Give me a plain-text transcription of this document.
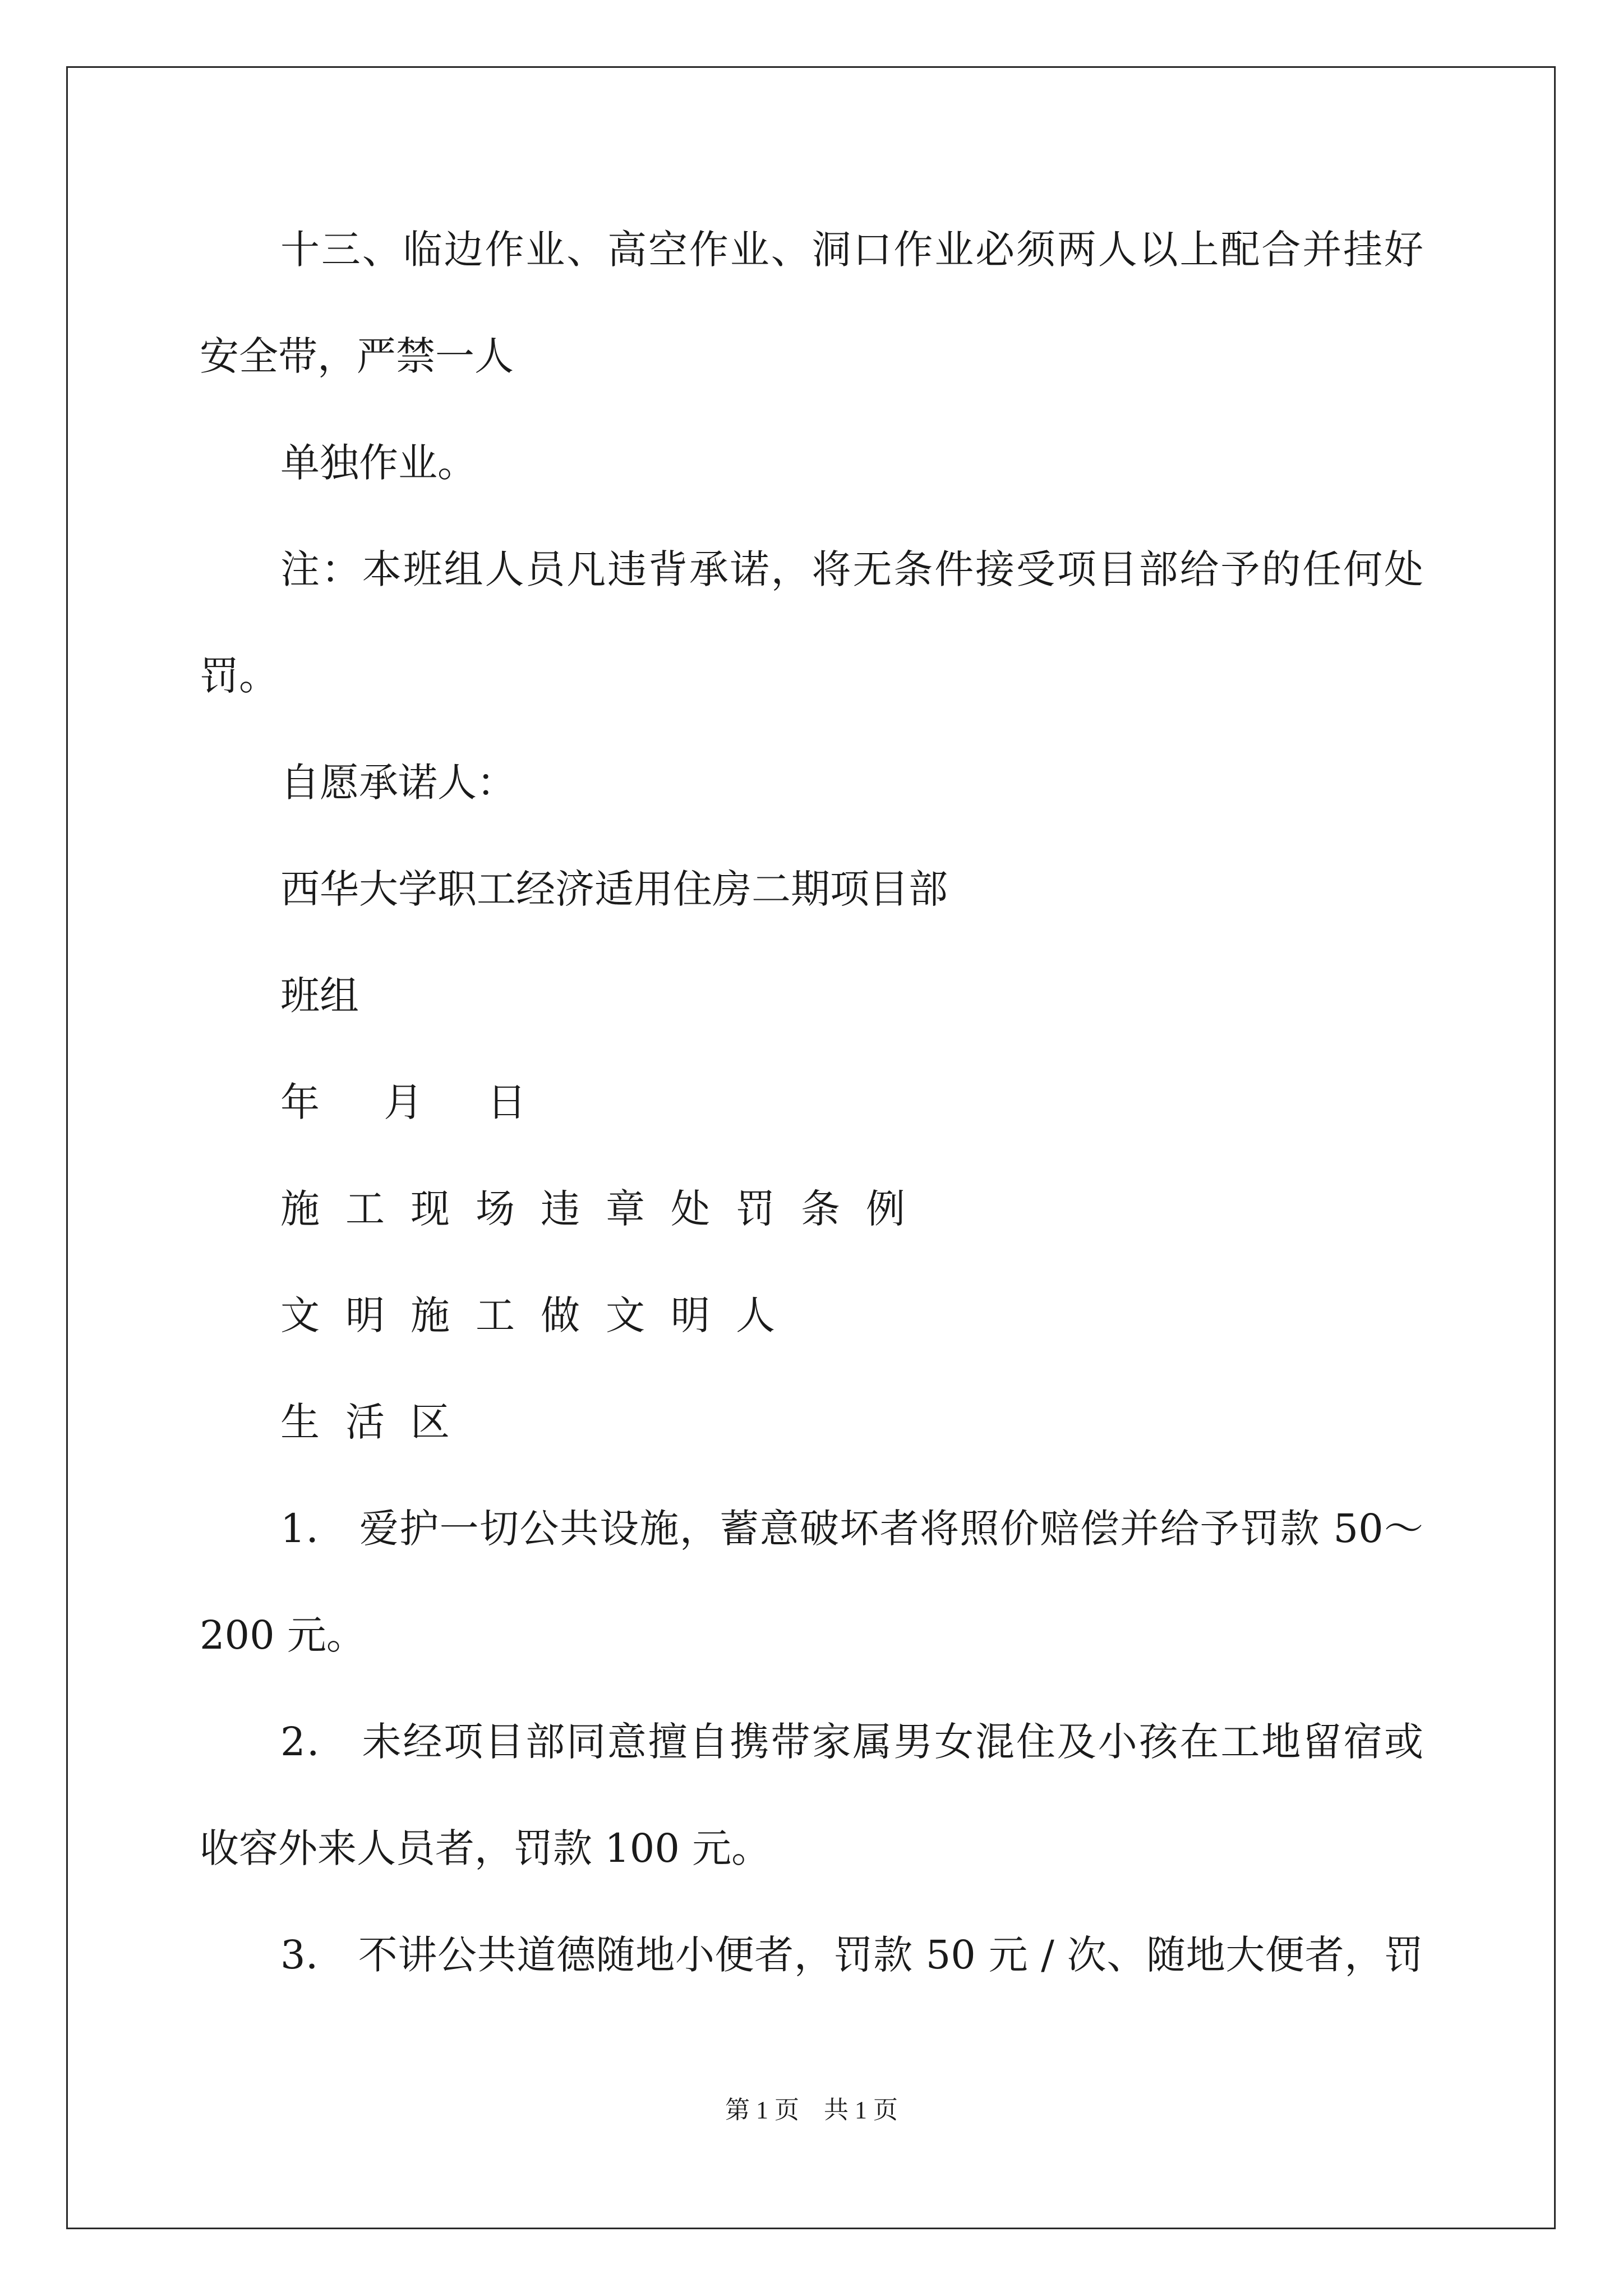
十三、临边作业、高空作业、洞口作业必须两人以上配合并挂好

安全带，严禁一人

单独作业。

注：本班组人员凡违背承诺，将无条件接受项目部给予的任何处

罚。

自愿承诺人：

西华大学职工经济适用住房二期项目部

班组

年 月 日

施工现场违章处罚条例

文明施工做文明人

生活区

1． 爱护一切公共设施，蓄意破坏者将照价赔偿并给予罚款 50～

200 元。

2． 未经项目部同意擅自携带家属男女混住及小孩在工地留宿或

收容外来人员者，罚款 100 元。

3． 不讲公共道德随地小便者，罚款 50 元 / 次、随地大便者，罚

第 1 页    共 1 页
